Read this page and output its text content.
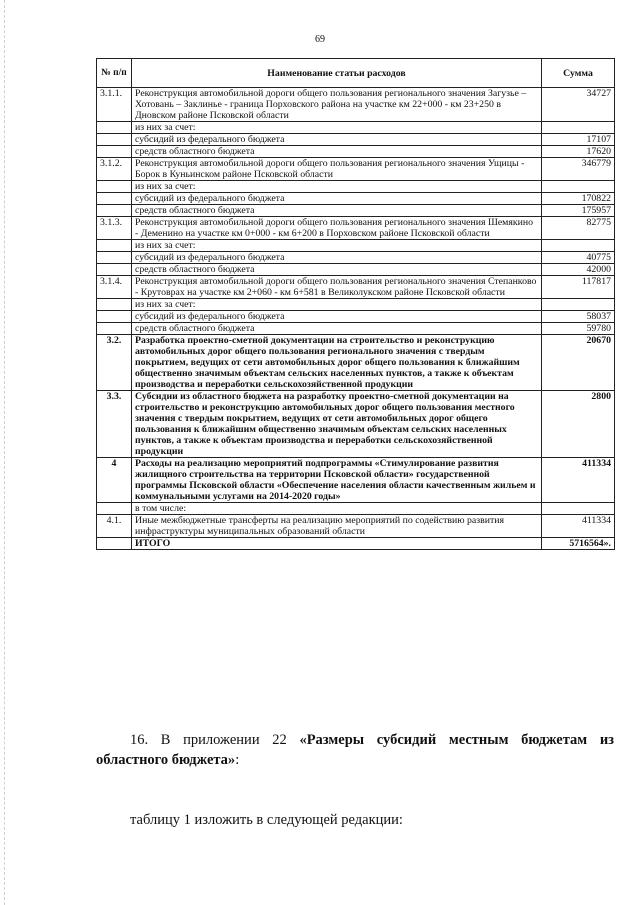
69
№ п/п	Наименование статьи расходов	Сумма
3.1.1.	Реконструкция автомобильной дороги общего пользования регионального значения Загузье – Хотовань – Заклинье - граница Порховского района на участке км 22+000 - км 23+250 в Дновском районе Псковской области	34727
	из них за счет:	
	субсидий из федерального бюджета	17107
	средств областного бюджета	17620
3.1.2.	Реконструкция автомобильной дороги общего пользования регионального значения Ущицы - Борок в Куньинском районе Псковской области	346779
	из них за счет:	
	субсидий из федерального бюджета	170822
	средств областного бюджета	175957
3.1.3.	Реконструкция автомобильной дороги общего пользования регионального значения Шемякино - Деменино на участке км 0+000 - км 6+200 в Порховском районе Псковской области	82775
	из них за счет:	
	субсидий из федерального бюджета	40775
	средств областного бюджета	42000
3.1.4.	Реконструкция автомобильной дороги общего пользования регионального значения Степанково - Крутоврах на участке км 2+060 - км 6+581 в Великолукском районе Псковской области	117817
	из них за счет:	
	субсидий из федерального бюджета	58037
	средств областного бюджета	59780
3.2.	Разработка проектно-сметной документации на строительство и реконструкцию автомобильных дорог общего пользования регионального значения с твердым покрытием, ведущих от сети автомобильных дорог общего пользования к ближайшим общественно значимым объектам сельских населенных пунктов, а также к объектам производства и переработки сельскохозяйственной продукции	20670
3.3.	Субсидии из областного бюджета на разработку проектно-сметной документации на строительство и реконструкцию автомобильных дорог общего пользования местного значения с твердым покрытием, ведущих от сети автомобильных дорог общего пользования к ближайшим общественно значимым объектам сельских населенных пунктов, а также к объектам производства и переработки сельскохозяйственной продукции	2800
4	Расходы на реализацию мероприятий подпрограммы «Стимулирование развития жилищного строительства на территории Псковской области» государственной программы Псковской области «Обеспечение населения области качественным жильем и коммунальными услугами на 2014-2020 годы»	411334
	в том числе:	
4.1.	Иные межбюджетные трансферты на реализацию мероприятий по содействию развития инфраструктуры муниципальных образований области	411334
	ИТОГО	5716564».
16. В приложении 22 «Размеры субсидий местным бюджетам из областного бюджета»:
таблицу 1 изложить в следующей редакции:
